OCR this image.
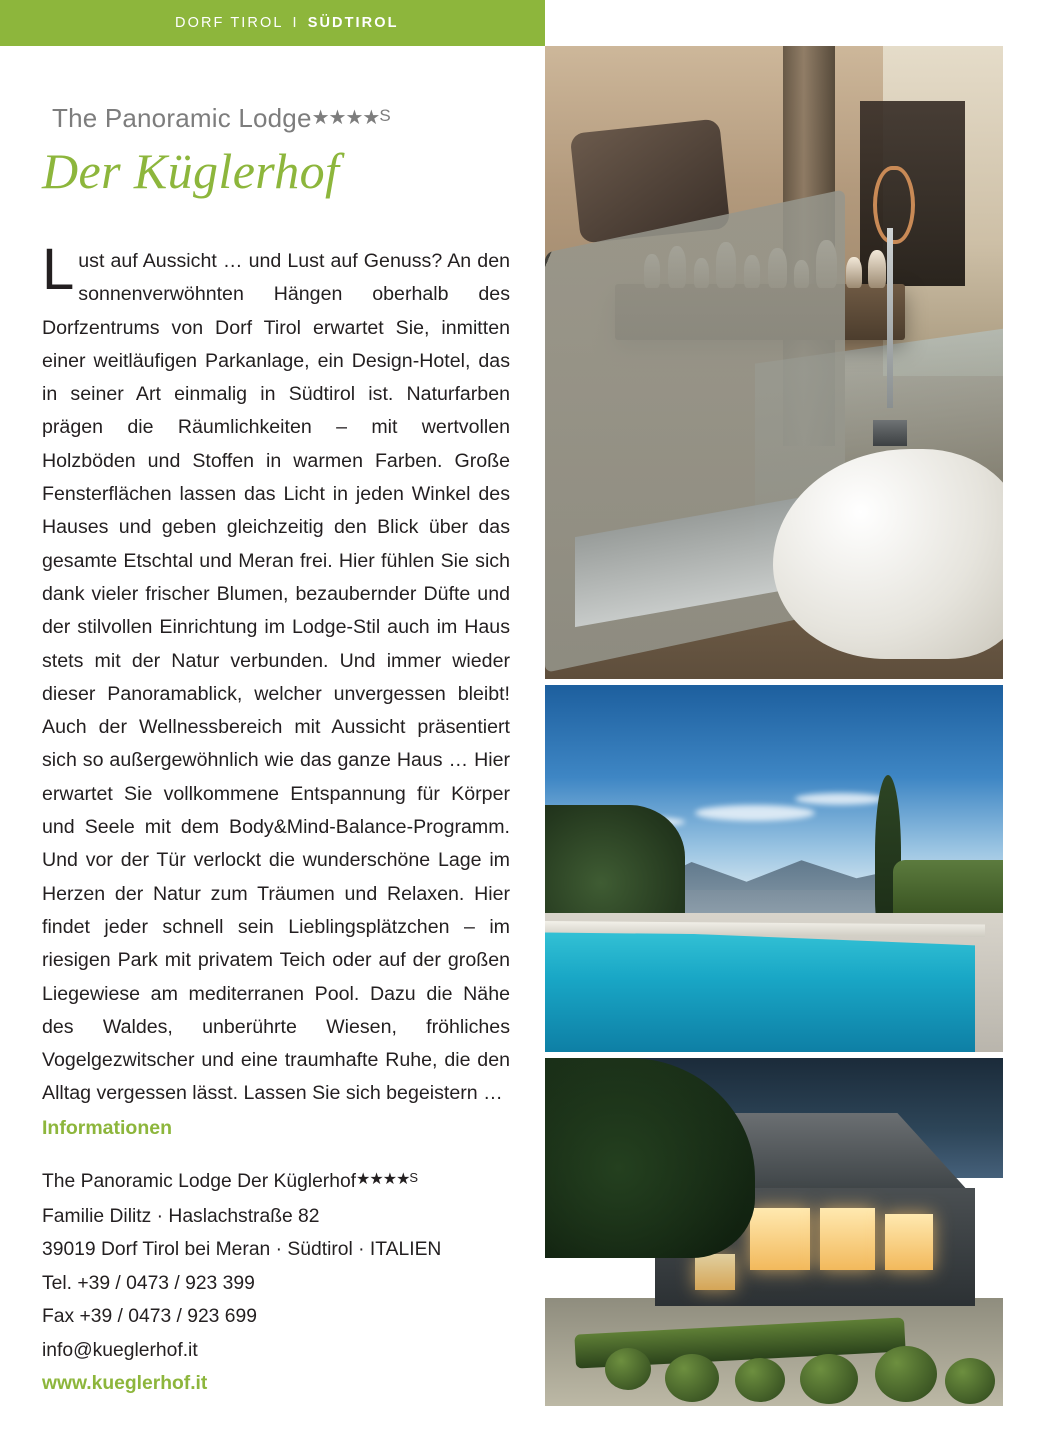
DORF TIROL I SÜDTIROL
The Panoramic Lodge★★★★$^S$
Der Küglerhof

Lust auf Aussicht … und Lust auf Genuss? An den sonnenverwöhnten Hängen oberhalb des Dorfzentrums von Dorf Tirol erwartet Sie, inmitten einer weitläufigen Parkanlage, ein Design-Hotel, das in seiner Art einmalig in Südtirol ist. Naturfarben prägen die Räumlichkeiten – mit wertvollen Holzböden und Stoffen in warmen Farben. Große Fensterflächen lassen das Licht in jeden Winkel des Hauses und geben gleichzeitig den Blick über das gesamte Etschtal und Meran frei. Hier fühlen Sie sich dank vieler frischer Blumen, bezaubernder Düfte und der stilvollen Einrichtung im Lodge-Stil auch im Haus stets mit der Natur verbunden. Und immer wieder dieser Panoramablick, welcher unvergessen bleibt! Auch der Wellnessbereich mit Aussicht präsentiert sich so außergewöhnlich wie das ganze Haus … Hier erwartet Sie vollkommene Entspannung für Körper und Seele mit dem Body&Mind-Balance-Programm. Und vor der Tür verlockt die wunderschöne Lage im Herzen der Natur zum Träumen und Relaxen. Hier findet jeder schnell sein Lieblingsplätzchen – im riesigen Park mit privatem Teich oder auf der großen Liegewiese am mediterranen Pool. Dazu die Nähe des Waldes, unberührte Wiesen, fröhliches Vogelgezwitscher und eine traumhafte Ruhe, die den Alltag vergessen lässt. Lassen Sie sich begeistern …

Informationen
The Panoramic Lodge Der Küglerhof★★★★$^S$
Familie Dilitz · Haslachstraße 82
39019 Dorf Tirol bei Meran · Südtirol · ITALIEN
Tel. +39 / 0473 / 923 399
Fax +39 / 0473 / 923 699
info@kueglerhof.it
www.kueglerhof.it
